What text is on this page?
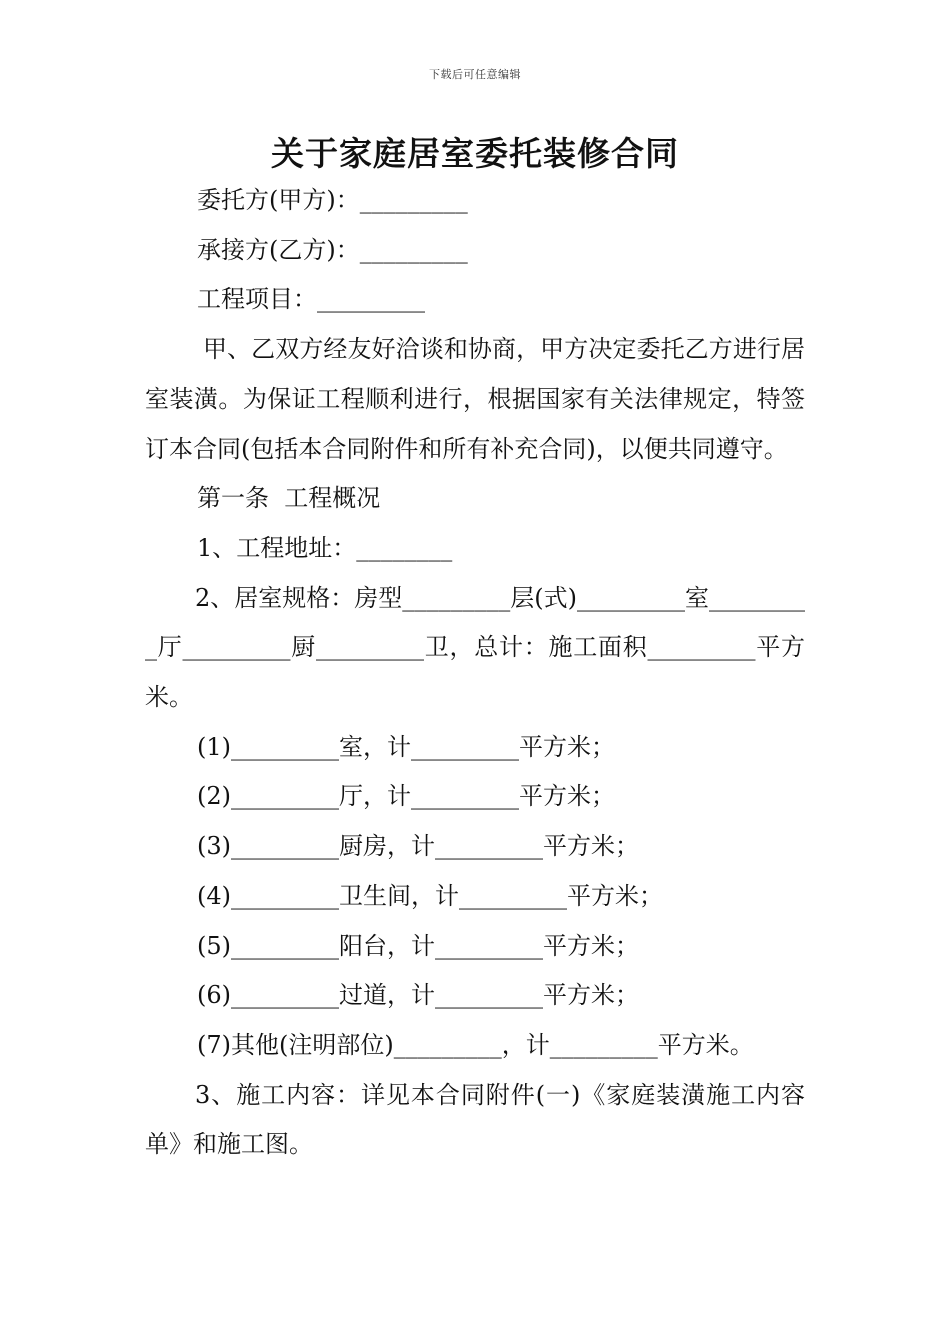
下载后可任意编辑
关于家庭居室委托装修合同

委托方(甲方)：_________

承接方(乙方)：_________

工程项目：_________

甲、乙双方经友好洽谈和协商，甲方决定委托乙方进行居室装潢。为保证工程顺利进行，根据国家有关法律规定，特签订本合同(包括本合同附件和所有补充合同)，以便共同遵守。

第一条  工程概况

1、工程地址：________

2、居室规格：房型_________层(式)_________室_________厅_________厨_________卫，总计：施工面积_________平方米。

(1)_________室，计_________平方米；

(2)_________厅，计_________平方米；

(3)_________厨房，计_________平方米；

(4)_________卫生间，计_________平方米；

(5)_________阳台，计_________平方米；

(6)_________过道，计_________平方米；

(7)其他(注明部位)_________，计_________平方米。

3、施工内容：详见本合同附件(一)《家庭装潢施工内容单》和施工图。
